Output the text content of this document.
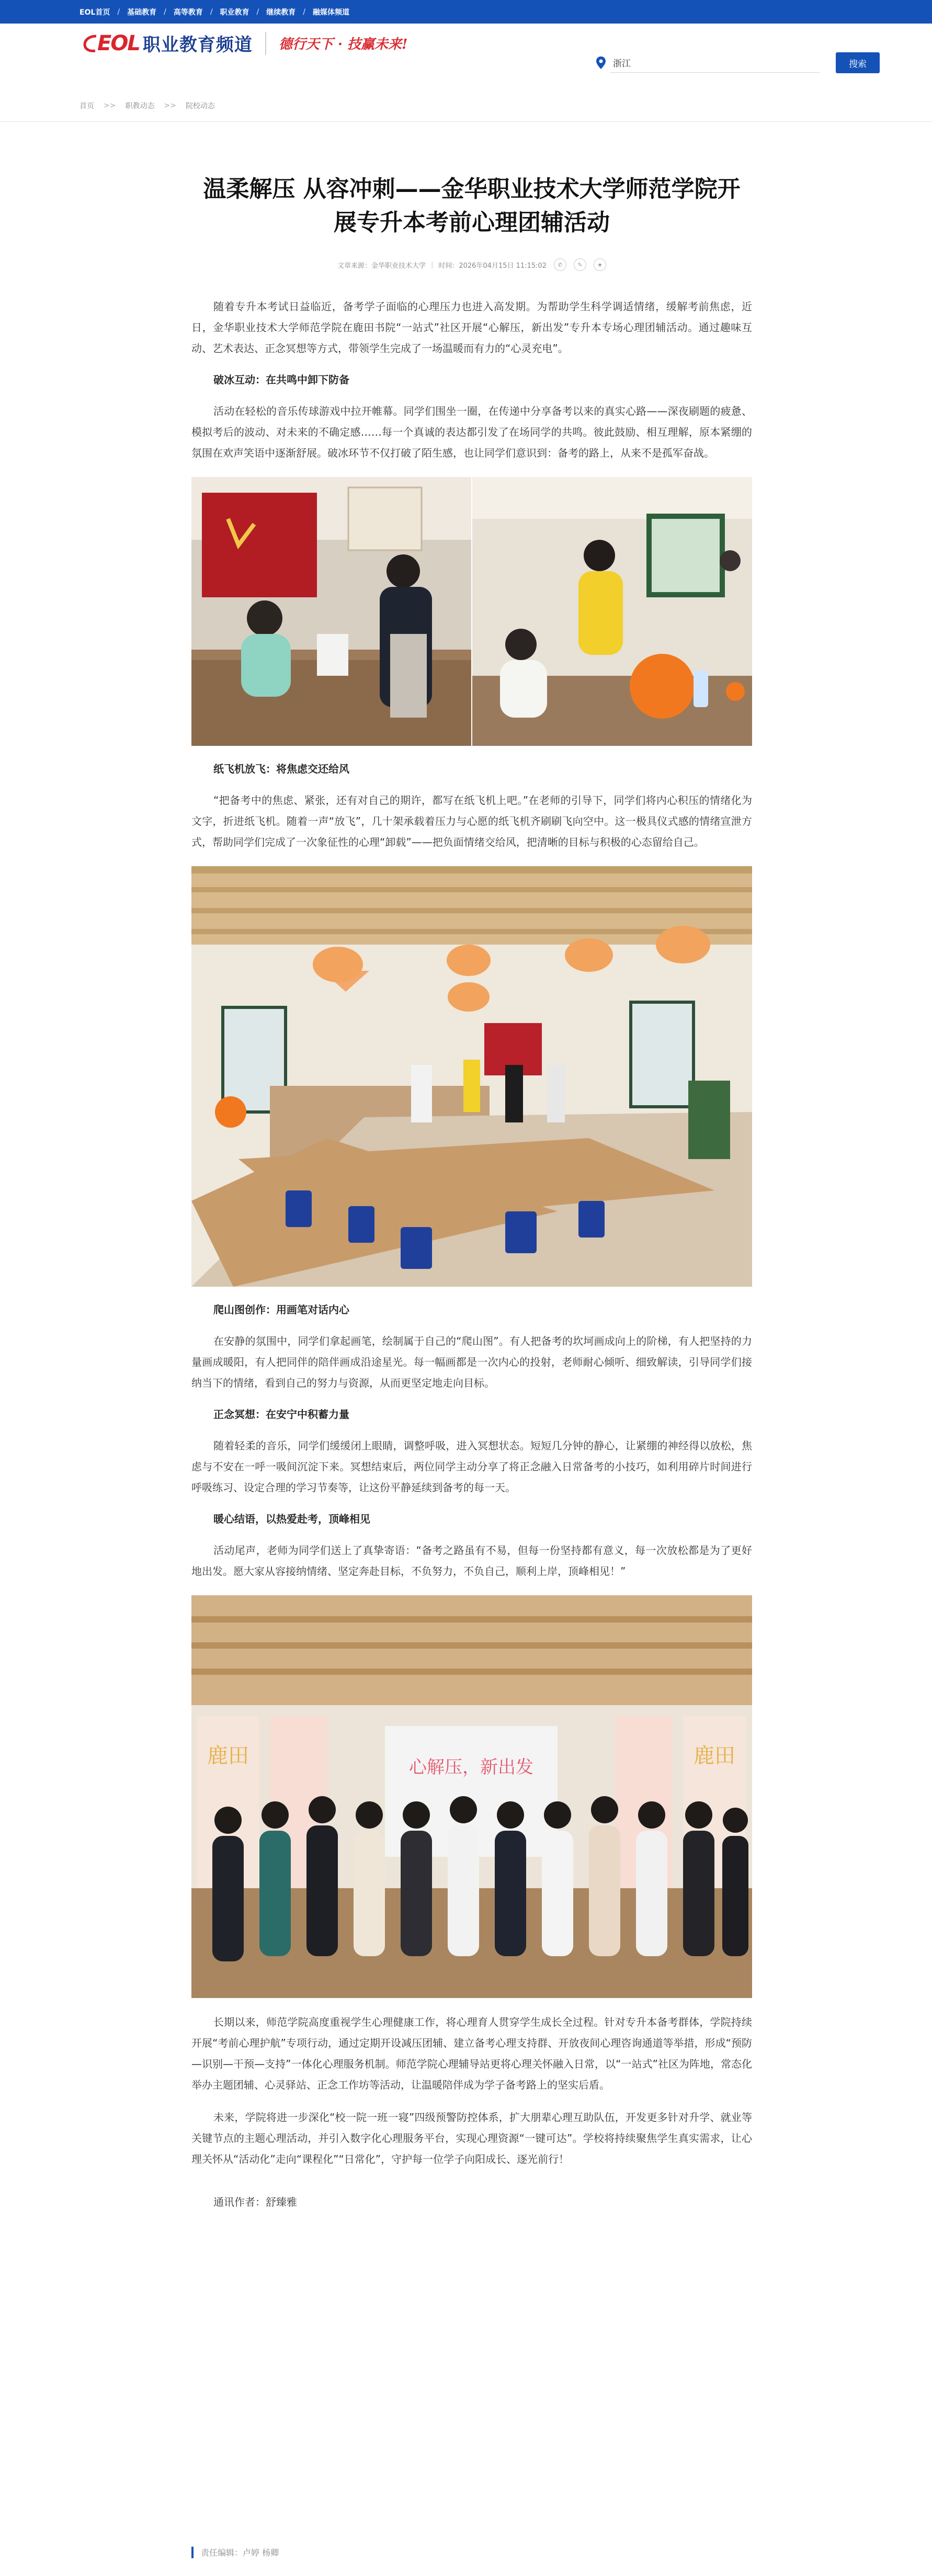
EOL首页 / 基础教育 / 高等教育 / 职业教育 / 继续教育 / 融媒体频道
EOL 职业教育频道 德行天下 · 技赢未来!
浙江
搜索
首页 >> 职教动态 >> 院校动态
温柔解压 从容冲刺——金华职业技术大学师范学院开展专升本考前心理团辅活动
文章来源：金华职业技术大学 | 时间：2026年04月15日 11:15:02	✆	✎	★

随着专升本考试日益临近，备考学子面临的心理压力也进入高发期。为帮助学生科学调适情绪，缓解考前焦虑，近日，金华职业技术大学师范学院在鹿田书院“一站式”社区开展“心解压，新出发”专升本专场心理团辅活动。通过趣味互动、艺术表达、正念冥想等方式，带领学生完成了一场温暖而有力的“心灵充电”。

破冰互动：在共鸣中卸下防备

活动在轻松的音乐传球游戏中拉开帷幕。同学们围坐一圈，在传递中分享备考以来的真实心路——深夜刷题的疲惫、模拟考后的波动、对未来的不确定感……每一个真诚的表达都引发了在场同学的共鸣。彼此鼓励、相互理解，原本紧绷的氛围在欢声笑语中逐渐舒展。破冰环节不仅打破了陌生感，也让同学们意识到：备考的路上，从来不是孤军奋战。

纸飞机放飞：将焦虑交还给风

“把备考中的焦虑、紧张，还有对自己的期许，都写在纸飞机上吧。”在老师的引导下，同学们将内心积压的情绪化为文字，折进纸飞机。随着一声“放飞”，几十架承载着压力与心愿的纸飞机齐刷刷飞向空中。这一极具仪式感的情绪宣泄方式，帮助同学们完成了一次象征性的心理“卸载”——把负面情绪交给风，把清晰的目标与积极的心态留给自己。

爬山图创作：用画笔对话内心

在安静的氛围中，同学们拿起画笔，绘制属于自己的“爬山图”。有人把备考的坎坷画成向上的阶梯，有人把坚持的力量画成暖阳，有人把同伴的陪伴画成沿途星光。每一幅画都是一次内心的投射，老师耐心倾听、细致解读，引导同学们接纳当下的情绪，看到自己的努力与资源，从而更坚定地走向目标。

正念冥想：在安宁中积蓄力量

随着轻柔的音乐，同学们缓缓闭上眼睛，调整呼吸，进入冥想状态。短短几分钟的静心，让紧绷的神经得以放松，焦虑与不安在一呼一吸间沉淀下来。冥想结束后，两位同学主动分享了将正念融入日常备考的小技巧，如利用碎片时间进行呼吸练习、设定合理的学习节奏等，让这份平静延续到备考的每一天。

暖心结语，以热爱赴考，顶峰相见

活动尾声，老师为同学们送上了真挚寄语：“备考之路虽有不易，但每一份坚持都有意义，每一次放松都是为了更好地出发。愿大家从容接纳情绪、坚定奔赴目标，不负努力，不负自己，顺利上岸，顶峰相见！”

心解压，新出发
鹿田	鹿田

长期以来，师范学院高度重视学生心理健康工作，将心理育人贯穿学生成长全过程。针对专升本备考群体，学院持续开展“考前心理护航”专项行动，通过定期开设减压团辅、建立备考心理支持群、开放夜间心理咨询通道等举措，形成“预防—识别—干预—支持”一体化心理服务机制。师范学院心理辅导站更将心理关怀融入日常，以“一站式”社区为阵地，常态化举办主题团辅、心灵驿站、正念工作坊等活动，让温暖陪伴成为学子备考路上的坚实后盾。

未来，学院将进一步深化“校一院一班一寝”四级预警防控体系，扩大朋辈心理互助队伍，开发更多针对升学、就业等关键节点的主题心理活动，并引入数字化心理服务平台，实现心理资源“一键可达”。学校将持续聚焦学生真实需求，让心理关怀从“活动化”走向“课程化”“日常化”，守护每一位学子向阳成长、逐光前行！

通讯作者：舒臻雅

责任编辑：卢婷 杨卿
